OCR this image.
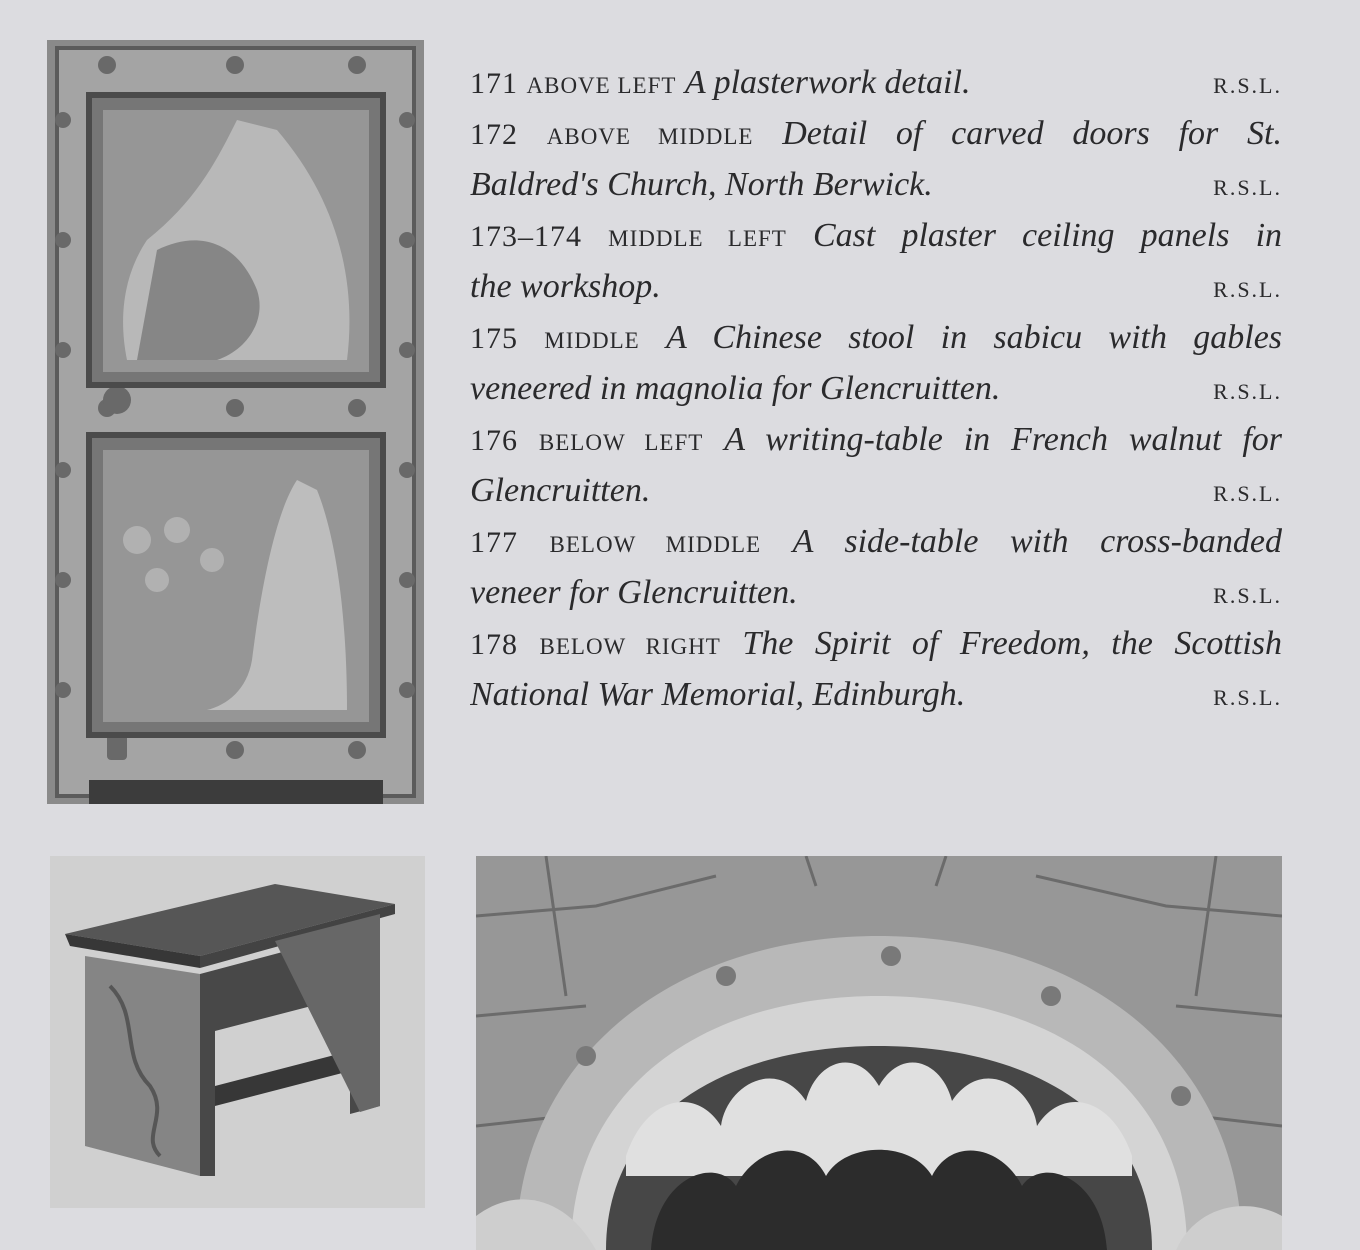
171 ABOVE LEFT A plasterwork detail.	R.S.L.
172 ABOVE MIDDLE Detail of carved doors for St.
Baldred's Church, North Berwick.	R.S.L.
173–174 MIDDLE LEFT Cast plaster ceiling panels in
the workshop.	R.S.L.
175 MIDDLE A Chinese stool in sabicu with gables
veneered in magnolia for Glencruitten.	R.S.L.
176 BELOW LEFT A writing-table in French walnut for
Glencruitten.	R.S.L.
177 BELOW MIDDLE A side-table with cross-banded
veneer for Glencruitten.	R.S.L.
178 BELOW RIGHT The Spirit of Freedom, the Scottish
National War Memorial, Edinburgh.	R.S.L.
